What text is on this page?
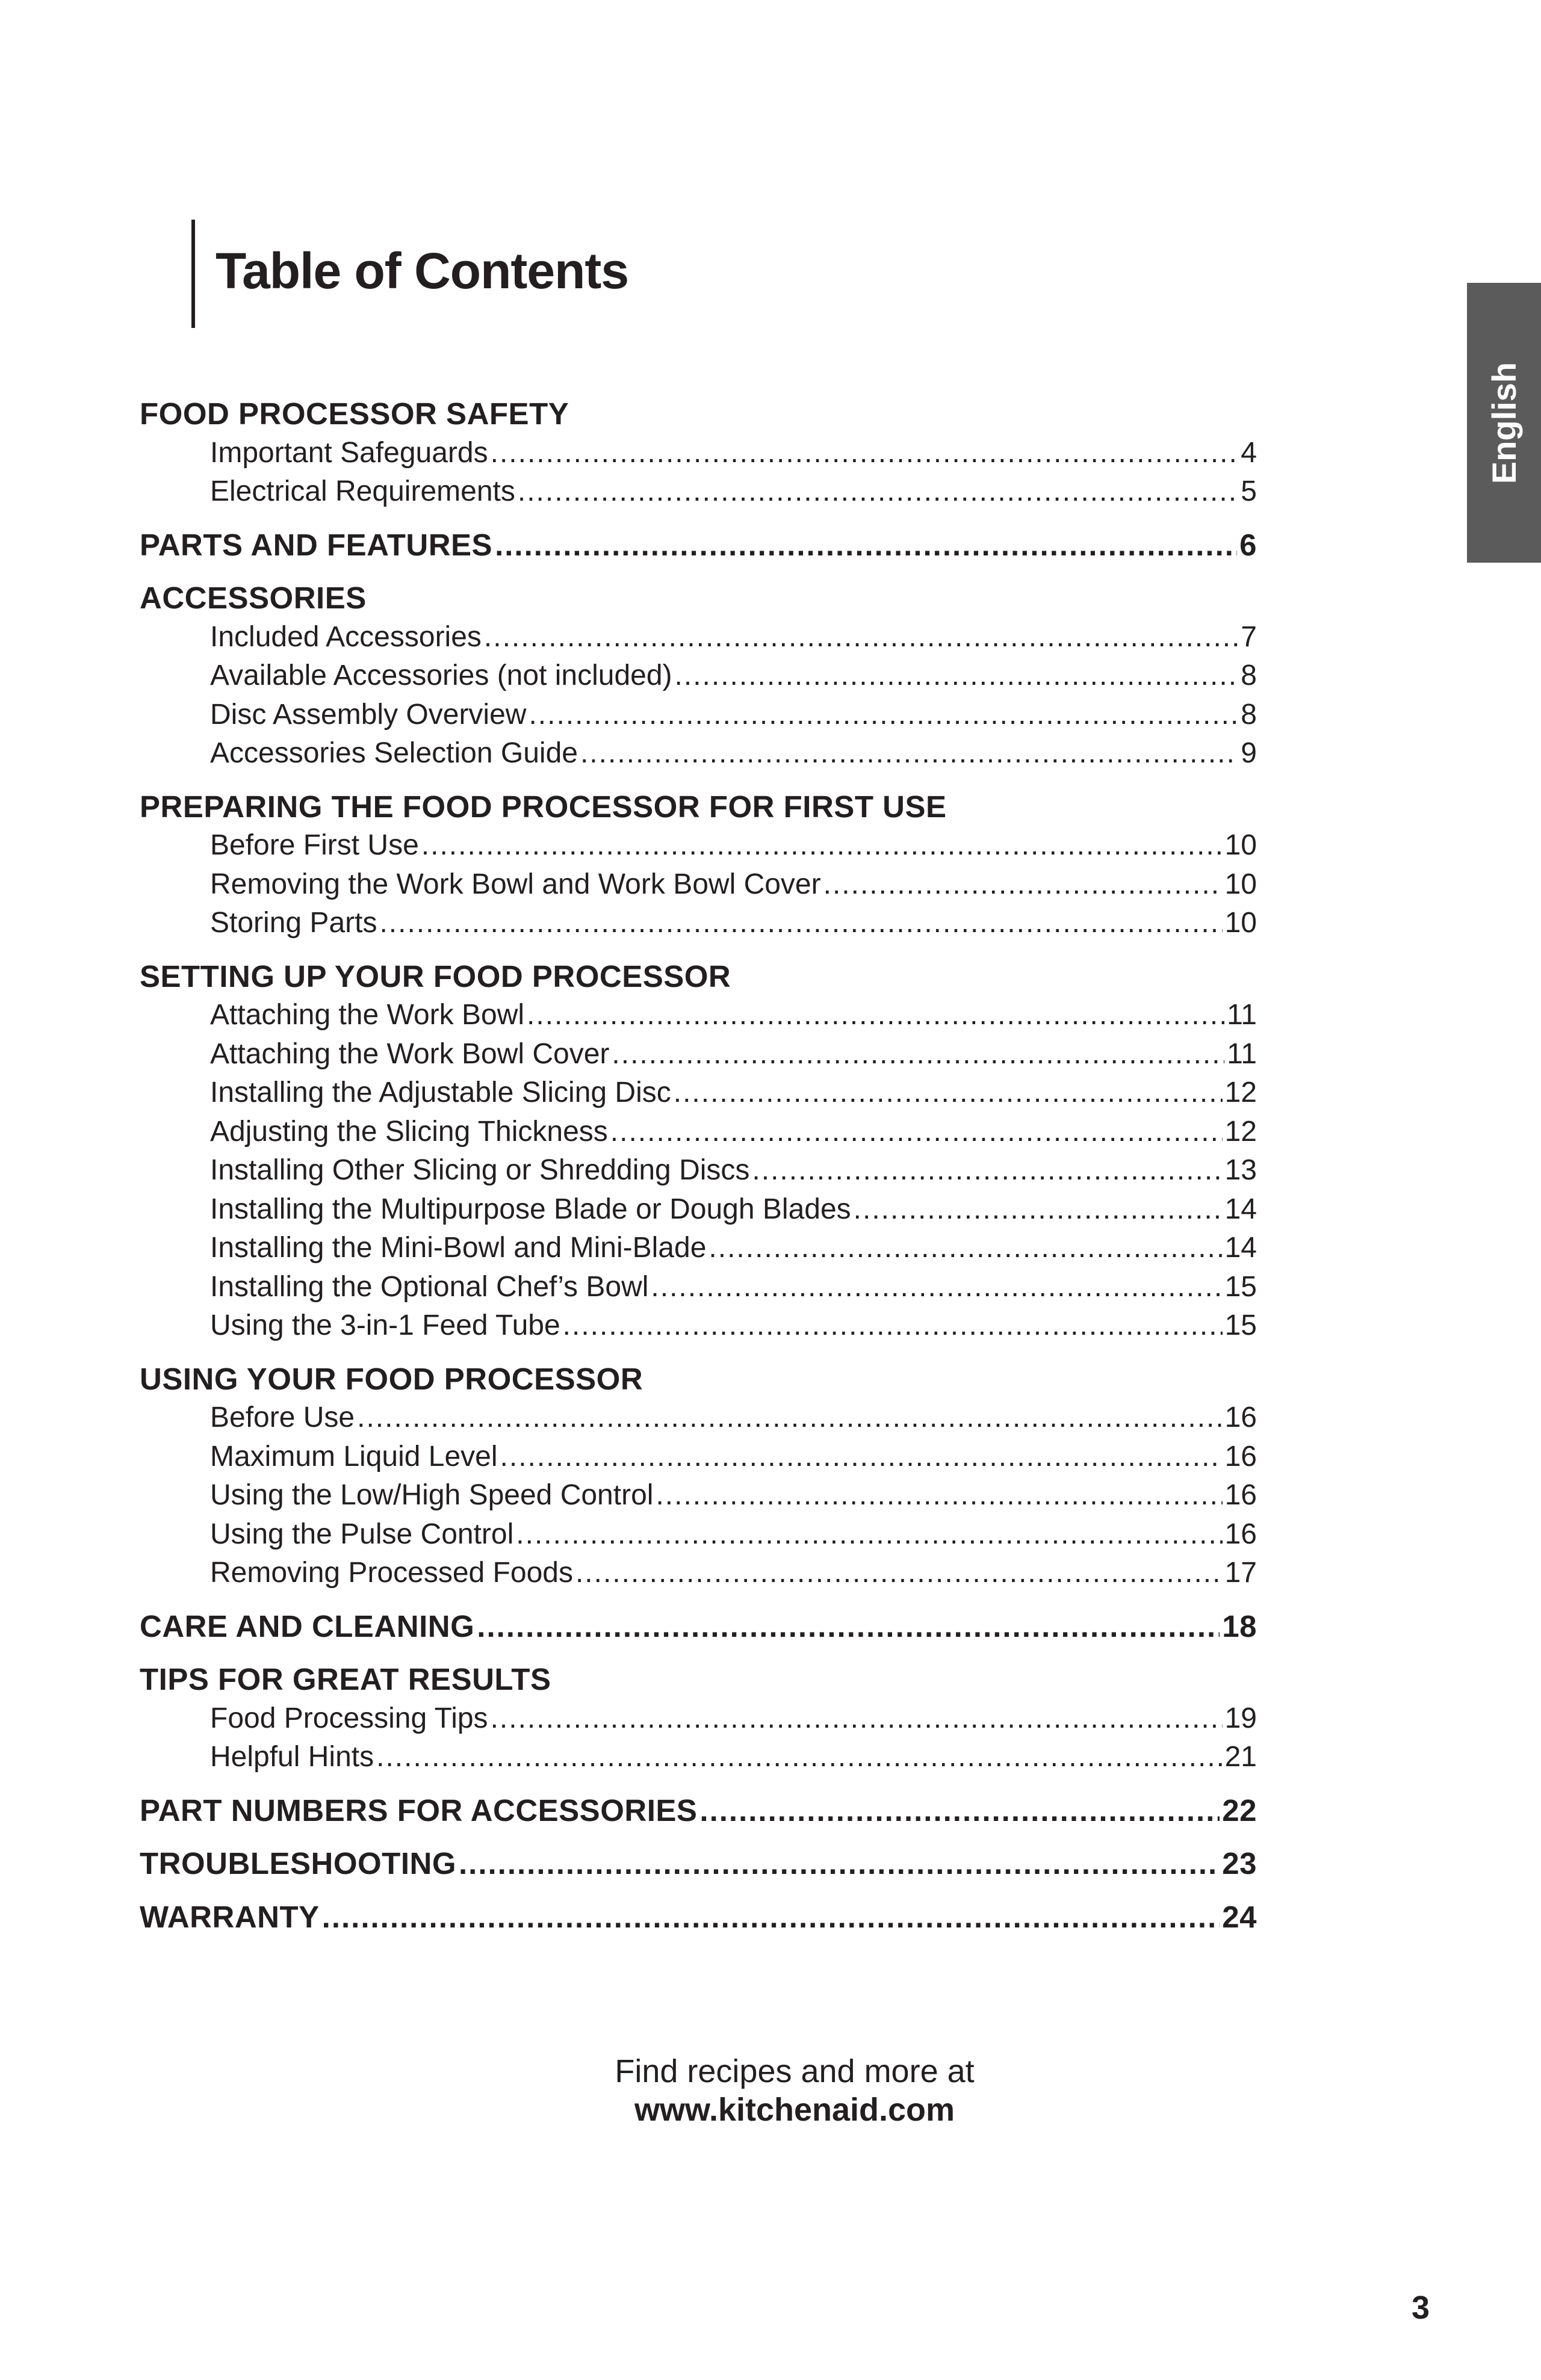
Table of Contents
English
FOOD PROCESSOR SAFETY
Important Safeguards .....	4
Electrical Requirements .....	5
PARTS AND FEATURES .....	6
ACCESSORIES
Included Accessories .....	7
Available Accessories (not included) .....	8
Disc Assembly Overview .....	8
Accessories Selection Guide .....	9
PREPARING THE FOOD PROCESSOR FOR FIRST USE
Before First Use .....	10
Removing the Work Bowl and Work Bowl Cover .....	10
Storing Parts .....	10
SETTING UP YOUR FOOD PROCESSOR
Attaching the Work Bowl .....	11
Attaching the Work Bowl Cover .....	11
Installing the Adjustable Slicing Disc .....	12
Adjusting the Slicing Thickness .....	12
Installing Other Slicing or Shredding Discs .....	13
Installing the Multipurpose Blade or Dough Blades .....	14
Installing the Mini-Bowl and Mini-Blade .....	14
Installing the Optional Chef’s Bowl .....	15
Using the 3-in-1 Feed Tube .....	15
USING YOUR FOOD PROCESSOR
Before Use .....	16
Maximum Liquid Level .....	16
Using the Low/High Speed Control .....	16
Using the Pulse Control .....	16
Removing Processed Foods .....	17
CARE AND CLEANING .....	18
TIPS FOR GREAT RESULTS
Food Processing Tips .....	19
Helpful Hints .....	21
PART NUMBERS FOR ACCESSORIES .....	22
TROUBLESHOOTING .....	23
WARRANTY .....	24
Find recipes and more at
www.kitchenaid.com
3
